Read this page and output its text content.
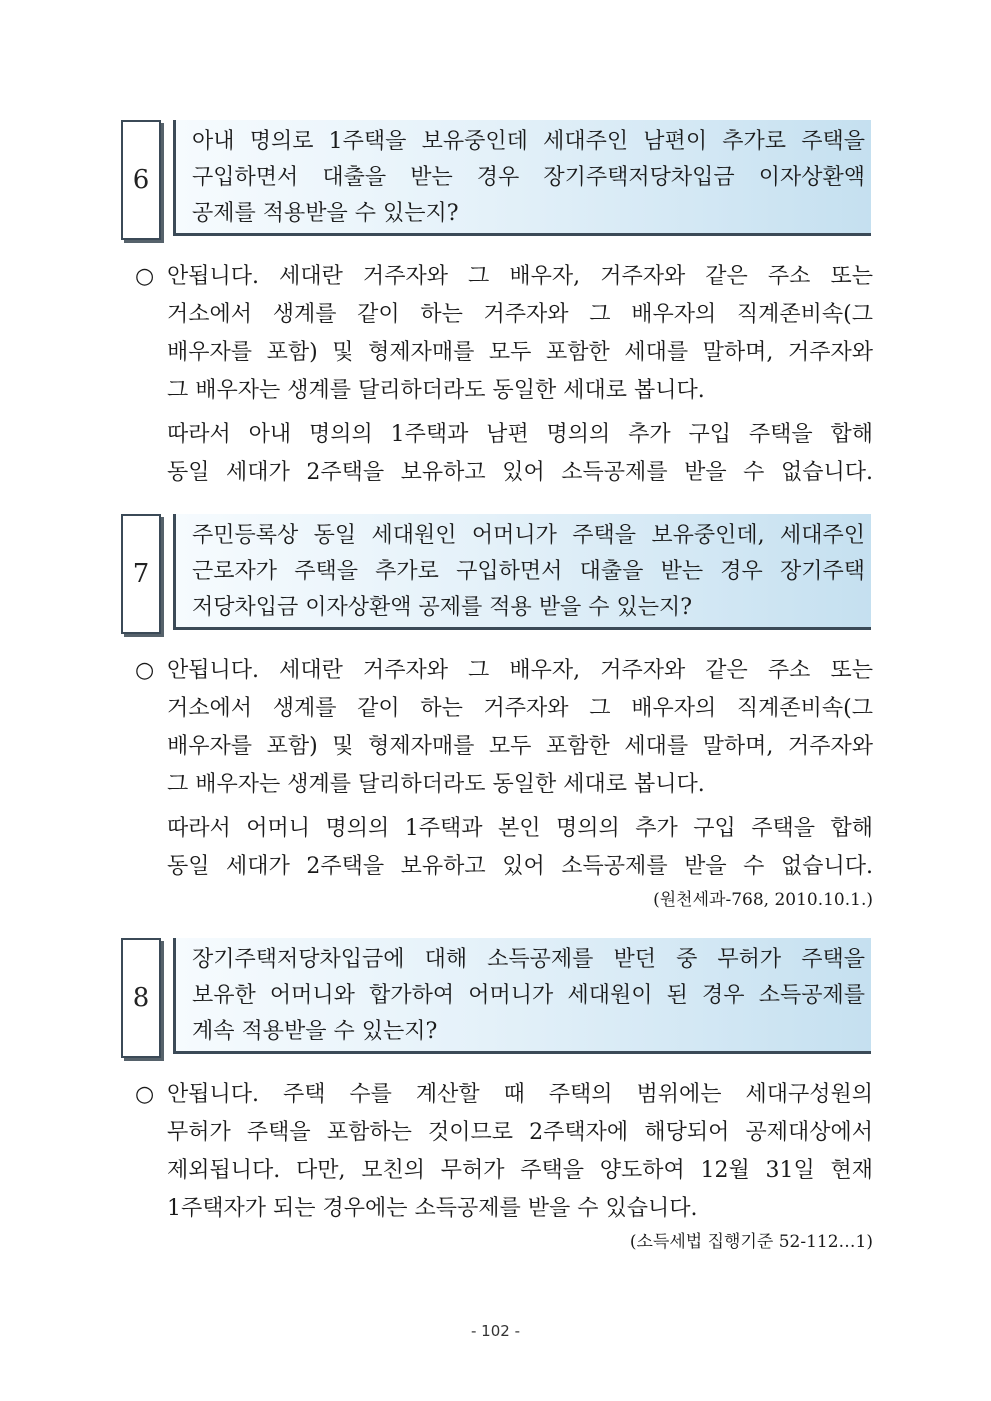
6
아내 명의로 1주택을 보유중인데 세대주인 남편이 추가로 주택을
구입하면서 대출을 받는 경우 장기주택저당차입금 이자상환액
공제를 적용받을 수 있는지?
○ 안됩니다. 세대란 거주자와 그 배우자, 거주자와 같은 주소 또는
거소에서 생계를 같이 하는 거주자와 그 배우자의 직계존비속(그
배우자를 포함) 및 형제자매를 모두 포함한 세대를 말하며, 거주자와
그 배우자는 생계를 달리하더라도 동일한 세대로 봅니다.
따라서 아내 명의의 1주택과 남편 명의의 추가 구입 주택을 합해
동일 세대가 2주택을 보유하고 있어 소득공제를 받을 수 없습니다.
7
주민등록상 동일 세대원인 어머니가 주택을 보유중인데, 세대주인
근로자가 주택을 추가로 구입하면서 대출을 받는 경우 장기주택
저당차입금 이자상환액 공제를 적용 받을 수 있는지?
○ 안됩니다. 세대란 거주자와 그 배우자, 거주자와 같은 주소 또는
거소에서 생계를 같이 하는 거주자와 그 배우자의 직계존비속(그
배우자를 포함) 및 형제자매를 모두 포함한 세대를 말하며, 거주자와
그 배우자는 생계를 달리하더라도 동일한 세대로 봅니다.
따라서 어머니 명의의 1주택과 본인 명의의 추가 구입 주택을 합해
동일 세대가 2주택을 보유하고 있어 소득공제를 받을 수 없습니다.
(원천세과-768, 2010.10.1.)
8
장기주택저당차입금에 대해 소득공제를 받던 중 무허가 주택을
보유한 어머니와 합가하여 어머니가 세대원이 된 경우 소득공제를
계속 적용받을 수 있는지?
○ 안됩니다. 주택 수를 계산할 때 주택의 범위에는 세대구성원의
무허가 주택을 포함하는 것이므로 2주택자에 해당되어 공제대상에서
제외됩니다. 다만, 모친의 무허가 주택을 양도하여 12월 31일 현재
1주택자가 되는 경우에는 소득공제를 받을 수 있습니다.
(소득세법 집행기준 52-112…1)
- 102 -
